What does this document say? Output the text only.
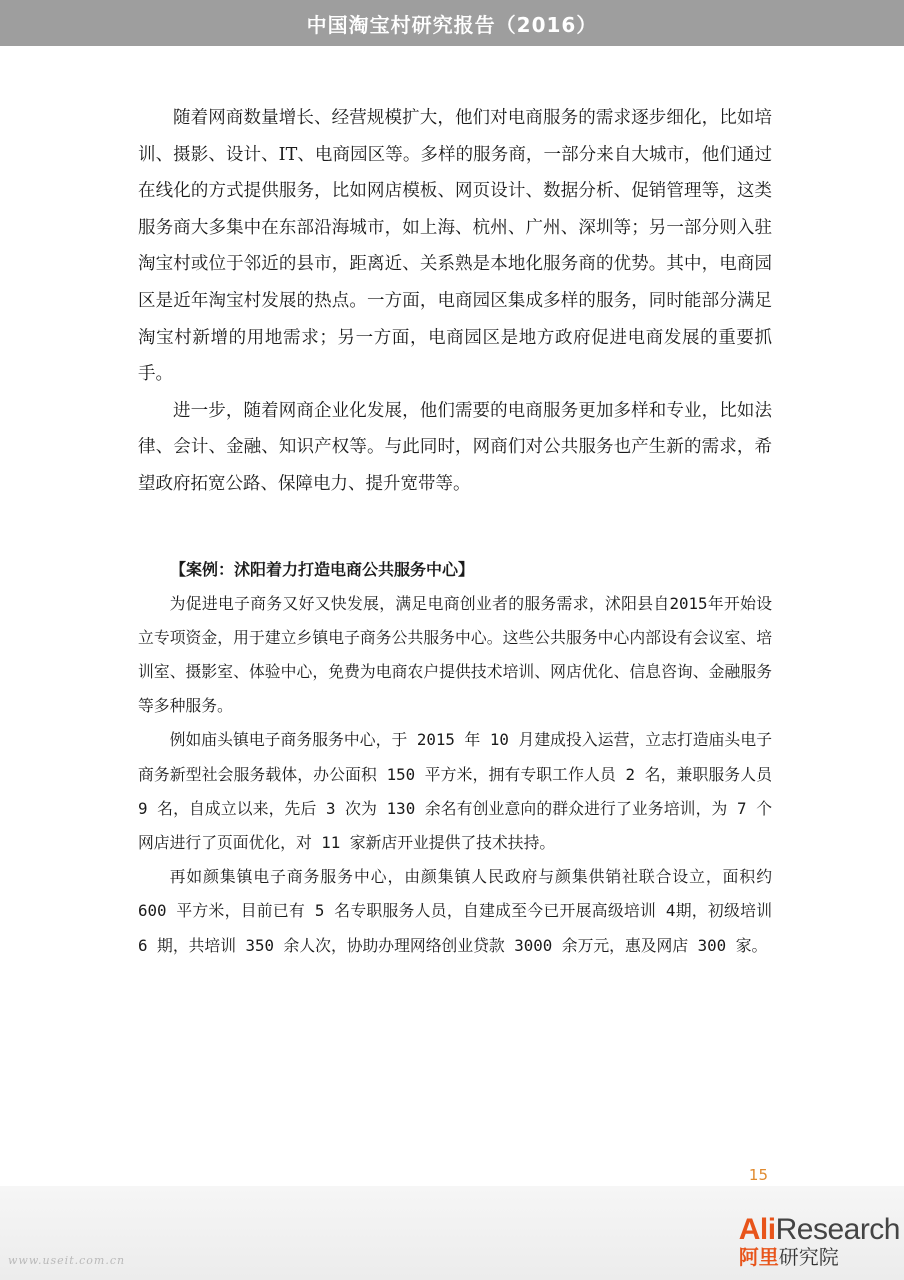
中国淘宝村研究报告（2016）

随着网商数量增长、经营规模扩大，他们对电商服务的需求逐步细化，比如培训、摄影、设计、IT、电商园区等。多样的服务商，一部分来自大城市，他们通过在线化的方式提供服务，比如网店模板、网页设计、数据分析、促销管理等，这类服务商大多集中在东部沿海城市，如上海、杭州、广州、深圳等；另一部分则入驻淘宝村或位于邻近的县市，距离近、关系熟是本地化服务商的优势。其中，电商园区是近年淘宝村发展的热点。一方面，电商园区集成多样的服务，同时能部分满足淘宝村新增的用地需求；另一方面，电商园区是地方政府促进电商发展的重要抓手。

进一步，随着网商企业化发展，他们需要的电商服务更加多样和专业，比如法律、会计、金融、知识产权等。与此同时，网商们对公共服务也产生新的需求，希望政府拓宽公路、保障电力、提升宽带等。

【案例：沭阳着力打造电商公共服务中心】

为促进电子商务又好又快发展，满足电商创业者的服务需求，沭阳县自2015年开始设立专项资金，用于建立乡镇电子商务公共服务中心。这些公共服务中心内部设有会议室、培训室、摄影室、体验中心，免费为电商农户提供技术培训、网店优化、信息咨询、金融服务等多种服务。

例如庙头镇电子商务服务中心，于 2015 年 10 月建成投入运营，立志打造庙头电子商务新型社会服务载体，办公面积 150 平方米，拥有专职工作人员 2 名，兼职服务人员 9 名，自成立以来，先后 3 次为 130 余名有创业意向的群众进行了业务培训，为 7 个网店进行了页面优化，对 11 家新店开业提供了技术扶持。

再如颜集镇电子商务服务中心，由颜集镇人民政府与颜集供销社联合设立，面积约 600 平方米，目前已有 5 名专职服务人员，自建成至今已开展高级培训 4期，初级培训 6 期，共培训 350 余人次，协助办理网络创业贷款 3000 余万元，惠及网店 300 家。

15
www.useit.com.cn
AliResearch
阿里研究院
